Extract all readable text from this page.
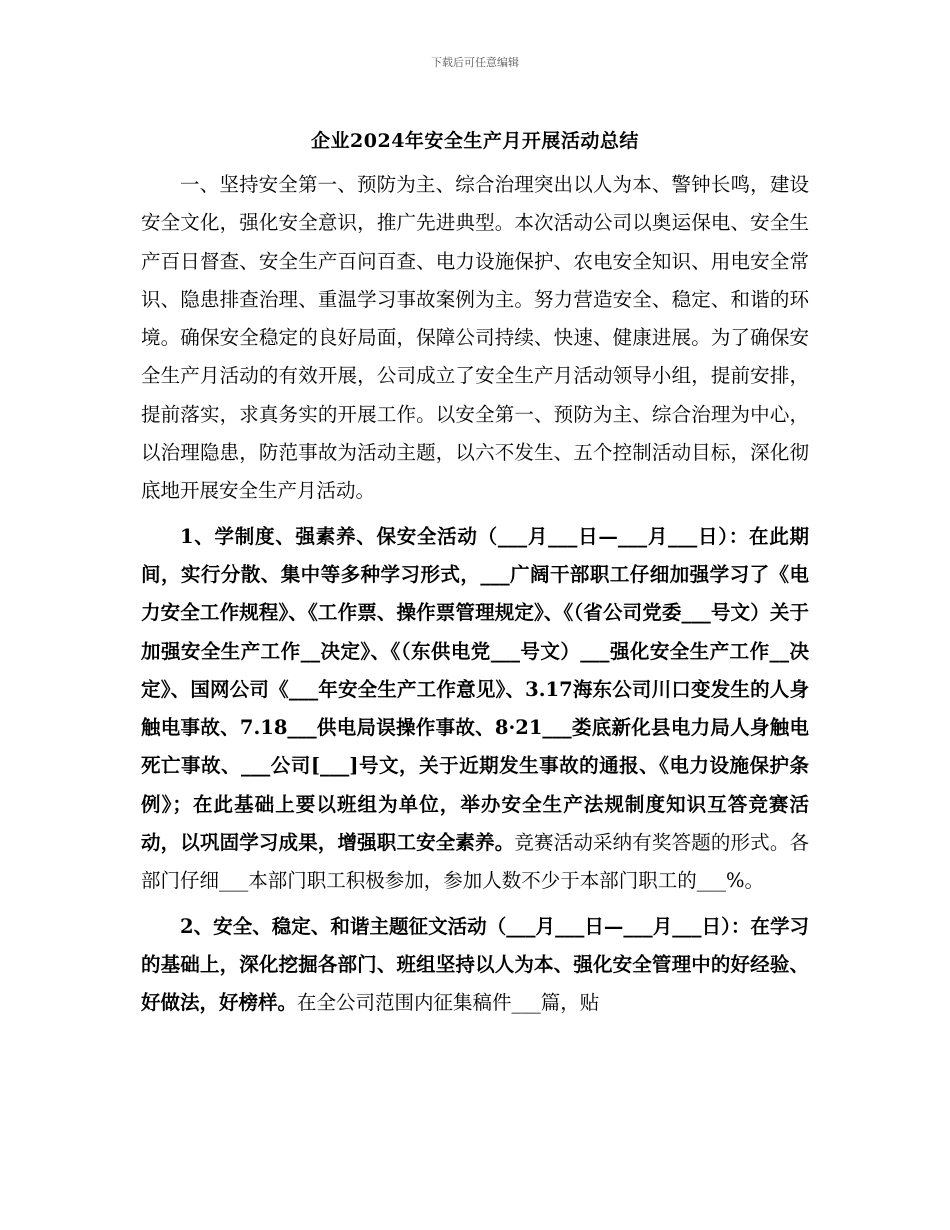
下载后可任意编辑
企业2024年安全生产月开展活动总结

一、坚持安全第一、预防为主、综合治理突出以人为本、警钟长鸣，建设安全文化，强化安全意识，推广先进典型。本次活动公司以奥运保电、安全生产百日督查、安全生产百问百查、电力设施保护、农电安全知识、用电安全常识、隐患排查治理、重温学习事故案例为主。努力营造安全、稳定、和谐的环境。确保安全稳定的良好局面，保障公司持续、快速、健康进展。为了确保安全生产月活动的有效开展，公司成立了安全生产月活动领导小组，提前安排，提前落实，求真务实的开展工作。以安全第一、预防为主、综合治理为中心，以治理隐患，防范事故为活动主题，以六不发生、五个控制活动目标，深化彻底地开展安全生产月活动。

1、学制度、强素养、保安全活动（___月___日—___月___日）：在此期间，实行分散、集中等多种学习形式，___广阔干部职工仔细加强学习了《电力安全工作规程》、《工作票、操作票管理规定》、《（省公司党委___号文）关于加强安全生产工作__决定》、《（东供电党___号文）___强化安全生产工作__决定》、国网公司《___年安全生产工作意见》、3.17海东公司川口变发生的人身触电事故、7.18___供电局误操作事故、8·21___娄底新化县电力局人身触电死亡事故、___公司[___]号文，关于近期发生事故的通报、《电力设施保护条例》；在此基础上要以班组为单位，举办安全生产法规制度知识互答竞赛活动，以巩固学习成果，增强职工安全素养。竞赛活动采纳有奖答题的形式。各部门仔细___本部门职工积极参加，参加人数不少于本部门职工的___%。

2、安全、稳定、和谐主题征文活动（___月___日—___月___日）：在学习的基础上，深化挖掘各部门、班组坚持以人为本、强化安全管理中的好经验、好做法，好榜样。在全公司范围内征集稿件___篇，贴
